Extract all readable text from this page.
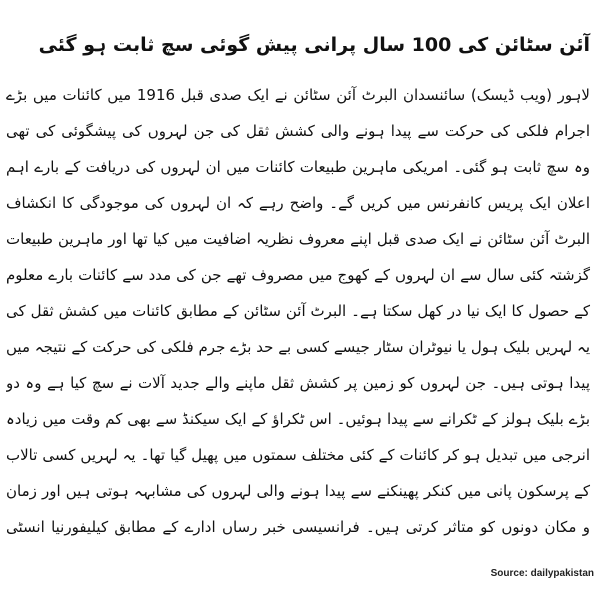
آئن سٹائن کی 100 سال پرانی پیش گوئی سچ ثابت ہو گئی

لاہور (ویب ڈیسک) سائنسدان البرٹ آئن سٹائن نے ایک صدی قبل 1916 میں کائنات میں بڑے اجرام فلکی کی حرکت سے پیدا ہونے والی کشش ثقل کی جن لہروں کی پیشگوئی کی تھی وہ سچ ثابت ہو گئی۔ امریکی ماہرین طبیعات کائنات میں ان لہروں کی دریافت کے بارے اہم اعلان ایک پریس کانفرنس میں کریں گے۔ واضح رہے کہ ان لہروں کی موجودگی کا انکشاف البرٹ آئن سٹائن نے ایک صدی قبل اپنے معروف نظریہ اضافیت میں کیا تھا اور ماہرین طبیعات گزشتہ کئی سال سے ان لہروں کے کھوج میں مصروف تھے جن کی مدد سے کائنات بارے معلوم کے حصول کا ایک نیا در کھل سکتا ہے۔ البرٹ آئن سٹائن کے مطابق کائنات میں کشش ثقل کی یہ لہریں بلیک ہول یا نیوٹران سٹار جیسے کسی بے حد بڑے جرم فلکی کی حرکت کے نتیجہ میں پیدا ہوتی ہیں۔ جن لہروں کو زمین پر کشش ثقل ماپنے والے جدید آلات نے سچ کیا ہے وہ دو بڑے بلیک ہولز کے ٹکرانے سے پیدا ہوئیں۔ اس ٹکراؤ کے ایک سیکنڈ سے بھی کم وقت میں زیادہ انرجی میں تبدیل ہو کر کائنات کے کئی مختلف سمتوں میں پھیل گیا تھا۔ یہ لہریں کسی تالاب کے پرسکون پانی میں کنکر پھینکنے سے پیدا ہونے والی لہروں کی مشابہہ ہوتی ہیں اور زمان و مکان دونوں کو متاثر کرتی ہیں۔ فرانسیسی خبر رساں ادارے کے مطابق کیلیفورنیا انسٹی

Source: dailypakistan
